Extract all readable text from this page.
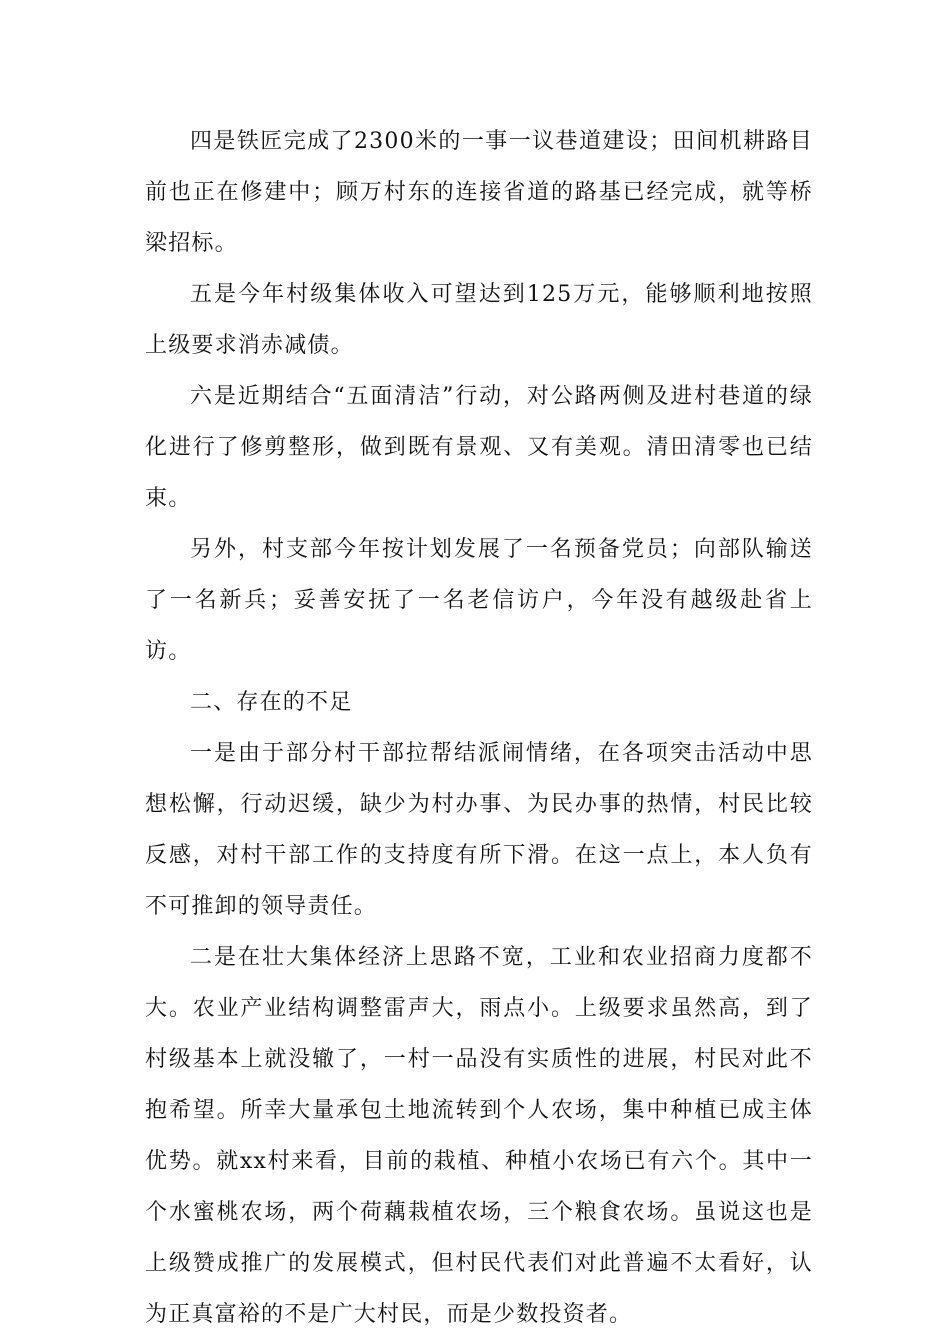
四是铁匠完成了2300米的一事一议巷道建设；田间机耕路目前也正在修建中；顾万村东的连接省道的路基已经完成，就等桥梁招标。

五是今年村级集体收入可望达到125万元，能够顺利地按照上级要求消赤减债。

六是近期结合“五面清洁”行动，对公路两侧及进村巷道的绿化进行了修剪整形，做到既有景观、又有美观。清田清零也已结束。

另外，村支部今年按计划发展了一名预备党员；向部队输送了一名新兵；妥善安抚了一名老信访户，今年没有越级赴省上访。

二、存在的不足

一是由于部分村干部拉帮结派闹情绪，在各项突击活动中思想松懈，行动迟缓，缺少为村办事、为民办事的热情，村民比较反感，对村干部工作的支持度有所下滑。在这一点上，本人负有不可推卸的领导责任。

二是在壮大集体经济上思路不宽，工业和农业招商力度都不大。农业产业结构调整雷声大，雨点小。上级要求虽然高，到了村级基本上就没辙了，一村一品没有实质性的进展，村民对此不抱希望。所幸大量承包土地流转到个人农场，集中种植已成主体优势。就xx村来看，目前的栽植、种植小农场已有六个。其中一个水蜜桃农场，两个荷藕栽植农场，三个粮食农场。虽说这也是上级赞成推广的发展模式，但村民代表们对此普遍不太看好，认为正真富裕的不是广大村民，而是少数投资者。
